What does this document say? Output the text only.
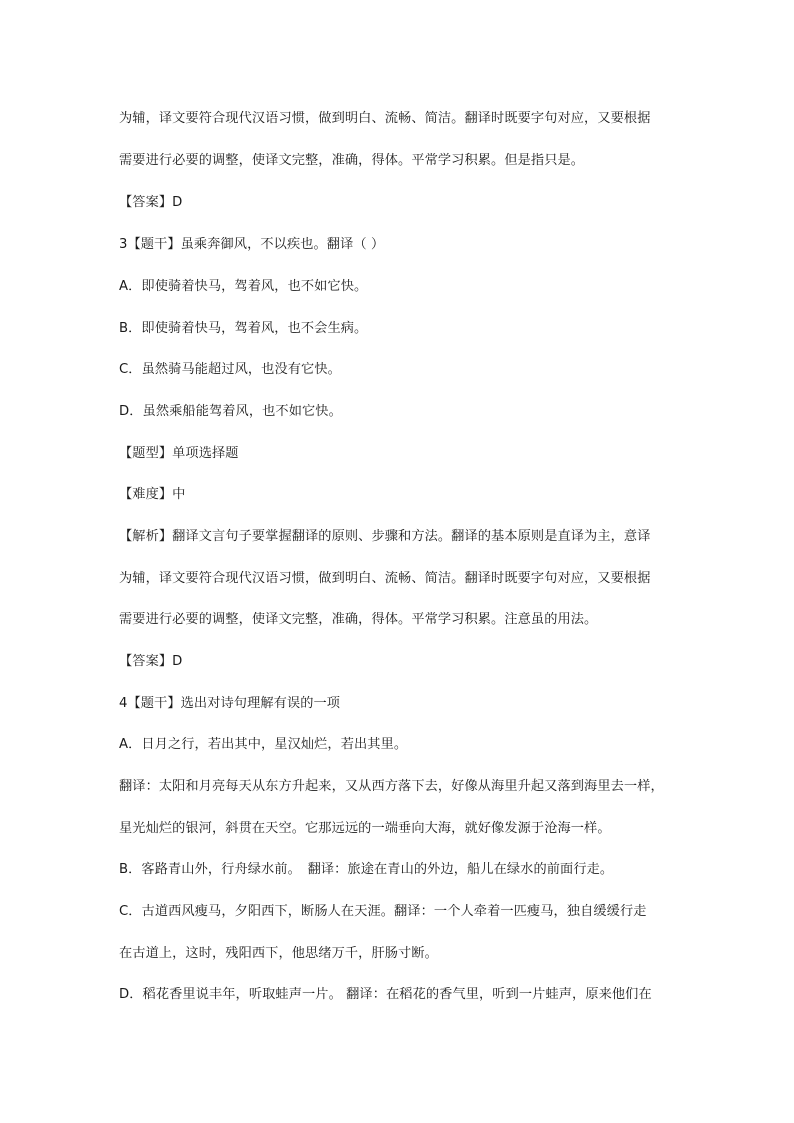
为辅，译文要符合现代汉语习惯，做到明白、流畅、简洁。翻译时既要字句对应，又要根据
需要进行必要的调整，使译文完整，准确，得体。平常学习积累。但是指只是。
【答案】D
3【题干】虽乘奔御风，不以疾也。翻译（ ）
A．即使骑着快马，驾着风，也不如它快。
B．即使骑着快马，驾着风，也不会生病。
C．虽然骑马能超过风，也没有它快。
D．虽然乘船能驾着风，也不如它快。
【题型】单项选择题
【难度】中
【解析】翻译文言句子要掌握翻译的原则、步骤和方法。翻译的基本原则是直译为主，意译
为辅，译文要符合现代汉语习惯，做到明白、流畅、简洁。翻译时既要字句对应，又要根据
需要进行必要的调整，使译文完整，准确，得体。平常学习积累。注意虽的用法。
【答案】D
4【题干】选出对诗句理解有误的一项
A．日月之行，若出其中，星汉灿烂，若出其里。
翻译：太阳和月亮每天从东方升起来，又从西方落下去，好像从海里升起又落到海里去一样，
星光灿烂的银河，斜贯在天空。它那远远的一端垂向大海，就好像发源于沧海一样。
B．客路青山外，行舟绿水前。　翻译：旅途在青山的外边，船儿在绿水的前面行走。
C．古道西风瘦马，夕阳西下，断肠人在天涯。翻译：一个人牵着一匹瘦马，独自缓缓行走
在古道上，这时，残阳西下，他思绪万千，肝肠寸断。
D．稻花香里说丰年，听取蛙声一片。 翻译：在稻花的香气里，听到一片蛙声，原来他们在
